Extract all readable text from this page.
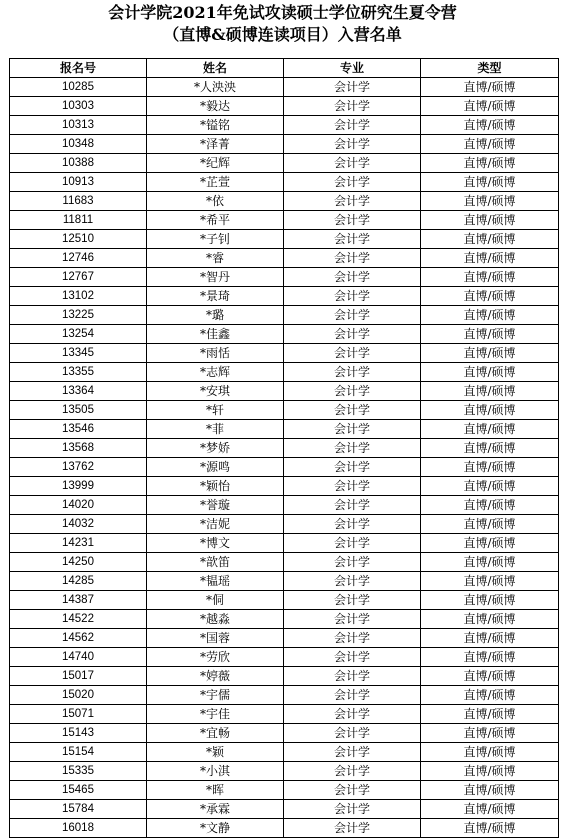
会计学院2021年免试攻读硕士学位研究生夏令营
（直博&硕博连读项目）入营名单
报名号	姓名	专业	类型
10285	*人泱泱	会计学	直博/硕博
10303	*毅达	会计学	直博/硕博
10313	*镒铭	会计学	直博/硕博
10348	*泽菁	会计学	直博/硕博
10388	*纪辉	会计学	直博/硕博
10913	*芷萱	会计学	直博/硕博
11683	*依	会计学	直博/硕博
11811	*希平	会计学	直博/硕博
12510	*子钊	会计学	直博/硕博
12746	*睿	会计学	直博/硕博
12767	*智丹	会计学	直博/硕博
13102	*景琦	会计学	直博/硕博
13225	*璐	会计学	直博/硕博
13254	*佳鑫	会计学	直博/硕博
13345	*雨恬	会计学	直博/硕博
13355	*志辉	会计学	直博/硕博
13364	*安琪	会计学	直博/硕博
13505	*轩	会计学	直博/硕博
13546	*菲	会计学	直博/硕博
13568	*梦娇	会计学	直博/硕博
13762	*源鸣	会计学	直博/硕博
13999	*颖怡	会计学	直博/硕博
14020	*誉璇	会计学	直博/硕博
14032	*洁妮	会计学	直博/硕博
14231	*博文	会计学	直博/硕博
14250	*歆笛	会计学	直博/硕博
14285	*韫瑶	会计学	直博/硕博
14387	*侗	会计学	直博/硕博
14522	*越淼	会计学	直博/硕博
14562	*国蓉	会计学	直博/硕博
14740	*劳欣	会计学	直博/硕博
15017	*婷薇	会计学	直博/硕博
15020	*宇儒	会计学	直博/硕博
15071	*宇佳	会计学	直博/硕博
15143	*宜畅	会计学	直博/硕博
15154	*颖	会计学	直博/硕博
15335	*小淇	会计学	直博/硕博
15465	*晖	会计学	直博/硕博
15784	*承霖	会计学	直博/硕博
16018	*文静	会计学	直博/硕博
